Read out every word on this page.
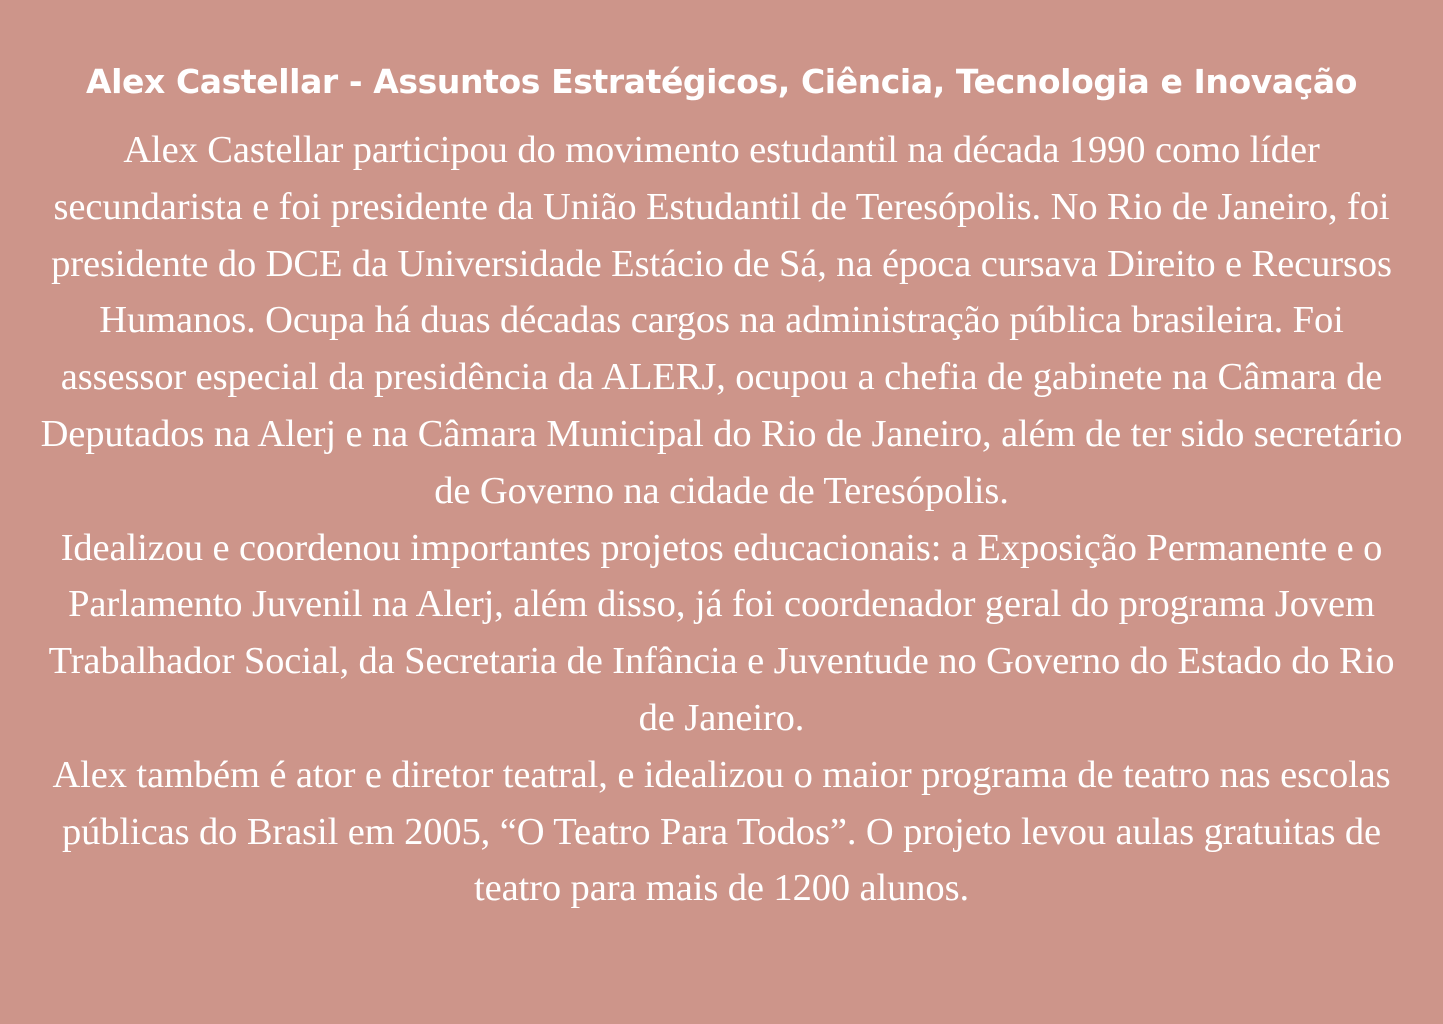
Alex Castellar - Assuntos Estratégicos, Ciência, Tecnologia e Inovação

Alex Castellar participou do movimento estudantil na década 1990 como líder secundarista e foi presidente da União Estudantil de Teresópolis. No Rio de Janeiro, foi presidente do DCE da Universidade Estácio de Sá, na época cursava Direito e Recursos Humanos. Ocupa há duas décadas cargos na administração pública brasileira. Foi assessor especial da presidência da ALERJ, ocupou a chefia de gabinete na Câmara de Deputados na Alerj e na Câmara Municipal do Rio de Janeiro, além de ter sido secretário de Governo na cidade de Teresópolis.

Idealizou e coordenou importantes projetos educacionais: a Exposição Permanente e o Parlamento Juvenil na Alerj, além disso, já foi coordenador geral do programa Jovem Trabalhador Social, da Secretaria de Infância e Juventude no Governo do Estado do Rio de Janeiro.

Alex também é ator e diretor teatral, e idealizou o maior programa de teatro nas escolas públicas do Brasil em 2005, “O Teatro Para Todos”. O projeto levou aulas gratuitas de teatro para mais de 1200 alunos.
